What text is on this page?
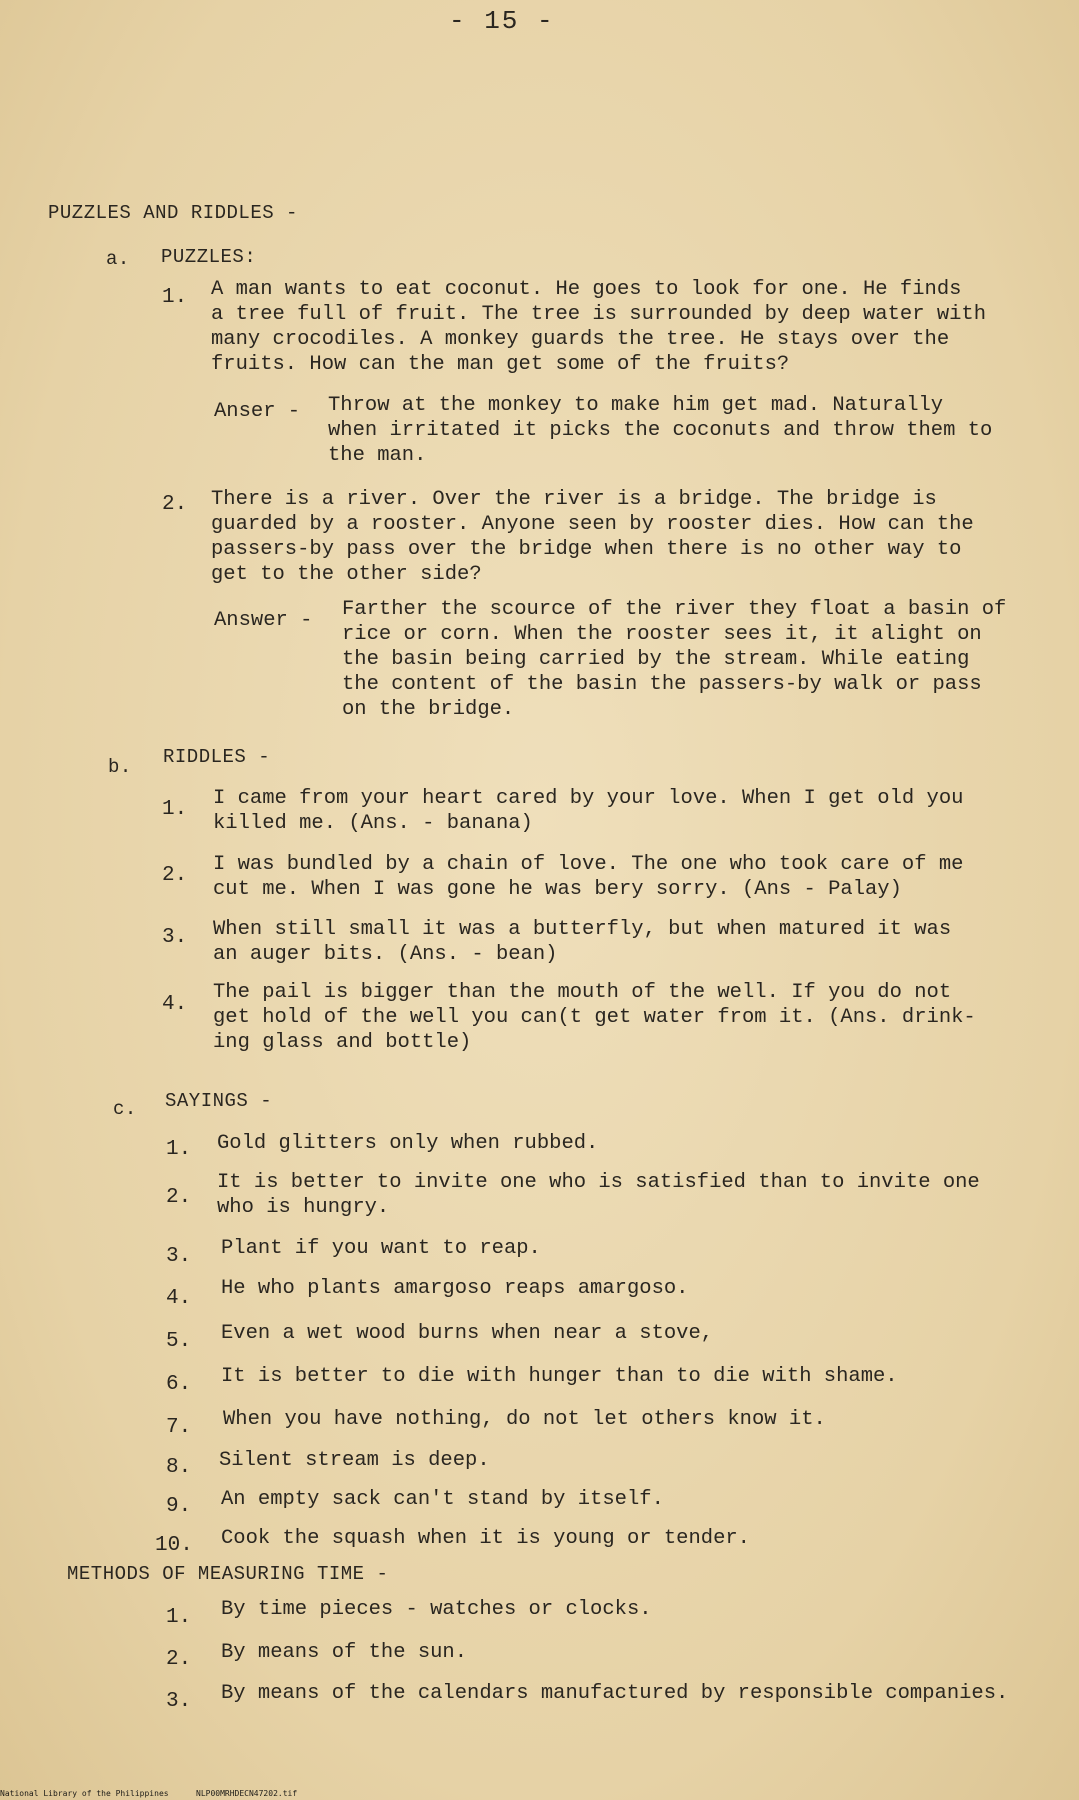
- 15 -
PUZZLES AND RIDDLES -
a. PUZZLES:
1. A man wants to eat coconut. He goes to look for one. He finds
a tree full of fruit. The tree is surrounded by deep water with
many crocodiles. A monkey guards the tree. He stays over the
fruits. How can the man get some of the fruits?
Anser - Throw at the monkey to make him get mad. Naturally
when irritated it picks the coconuts and throw them to
the man.
2. There is a river. Over the river is a bridge. The bridge is
guarded by a rooster. Anyone seen by rooster dies. How can the
passers-by pass over the bridge when there is no other way to
get to the other side?
Answer - Farther the scource of the river they float a basin of
rice or corn. When the rooster sees it, it alight on
the basin being carried by the stream. While eating
the content of the basin the passers-by walk or pass
on the bridge.
b. RIDDLES -
1. I came from your heart cared by your love. When I get old you
killed me. (Ans. - banana)
2. I was bundled by a chain of love. The one who took care of me
cut me. When I was gone he was bery sorry. (Ans - Palay)
3. When still small it was a butterfly, but when matured it was
an auger bits. (Ans. - bean)
4.
The pail is bigger than the mouth of the well. If you do not
get hold of the well you can(t get water from it. (Ans. drink-
ing glass and bottle)
c. SAYINGS -
1. Gold glitters only when rubbed.
2.
It is better to invite one who is satisfied than to invite one
who is hungry.
3. Plant if you want to reap.
4. He who plants amargoso reaps amargoso.
5. Even a wet wood burns when near a stove,
6. It is better to die with hunger than to die with shame.
7. When you have nothing, do not let others know it.
8. Silent stream is deep.
9. An empty sack can't stand by itself.
10. Cook the squash when it is young or tender.
METHODS OF MEASURING TIME -
1. By time pieces - watches or clocks.
2. By means of the sun.
3. By means of the calendars manufactured by responsible companies.
National Library of the Philippines	NLP00MRHDECN47202.tif
